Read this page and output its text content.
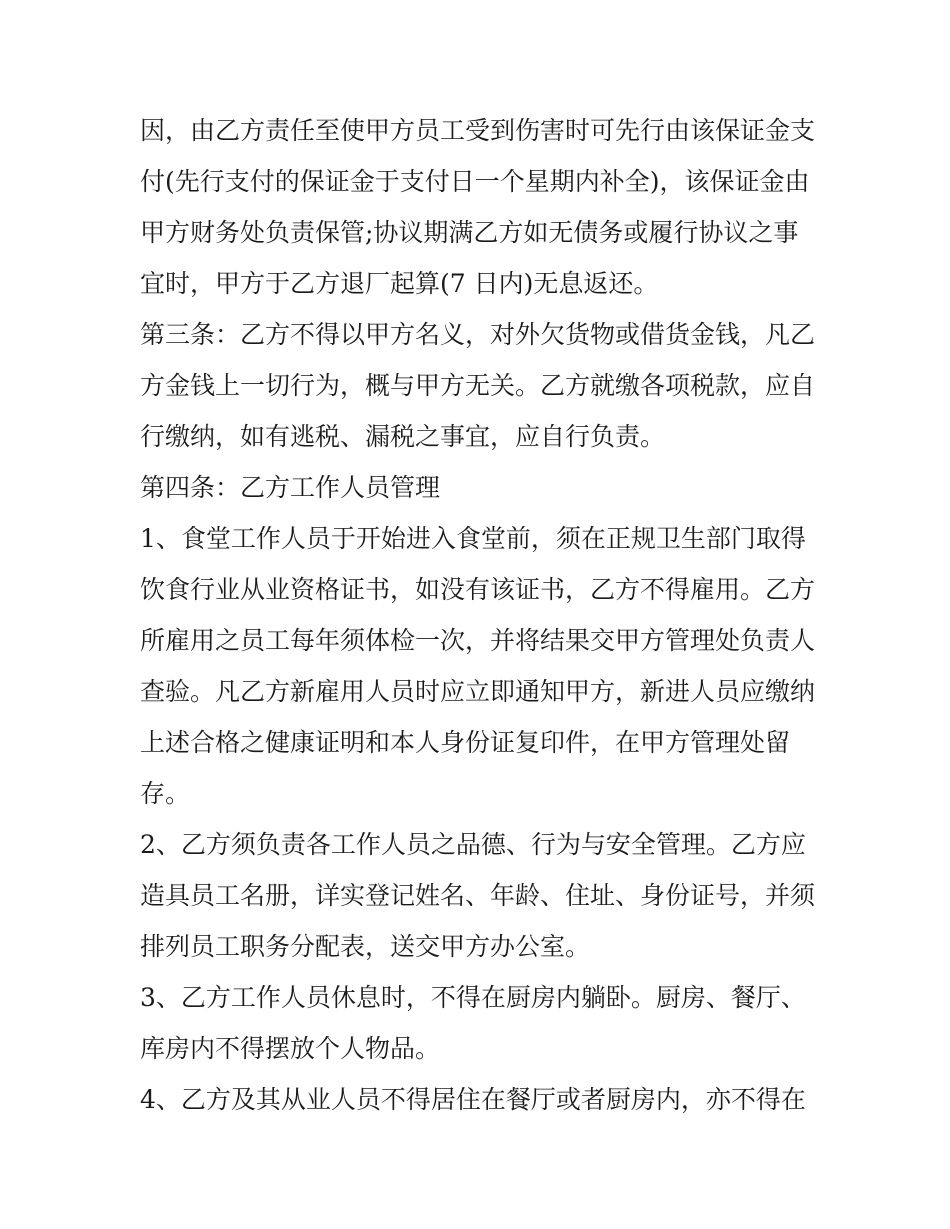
因，由乙方责任至使甲方员工受到伤害时可先行由该保证金支
付(先行支付的保证金于支付日一个星期内补全)，该保证金由
甲方财务处负责保管;协议期满乙方如无债务或履行协议之事
宜时，甲方于乙方退厂起算(7 日内)无息返还。
第三条：乙方不得以甲方名义，对外欠货物或借货金钱，凡乙
方金钱上一切行为，概与甲方无关。乙方就缴各项税款，应自
行缴纳，如有逃税、漏税之事宜，应自行负责。
第四条：乙方工作人员管理
1、食堂工作人员于开始进入食堂前，须在正规卫生部门取得
饮食行业从业资格证书，如没有该证书，乙方不得雇用。乙方
所雇用之员工每年须体检一次，并将结果交甲方管理处负责人
查验。凡乙方新雇用人员时应立即通知甲方，新进人员应缴纳
上述合格之健康证明和本人身份证复印件，在甲方管理处留
存。
2、乙方须负责各工作人员之品德、行为与安全管理。乙方应
造具员工名册，详实登记姓名、年龄、住址、身份证号，并须
排列员工职务分配表，送交甲方办公室。
3、乙方工作人员休息时，不得在厨房内躺卧。厨房、餐厅、
库房内不得摆放个人物品。
4、乙方及其从业人员不得居住在餐厅或者厨房内，亦不得在
